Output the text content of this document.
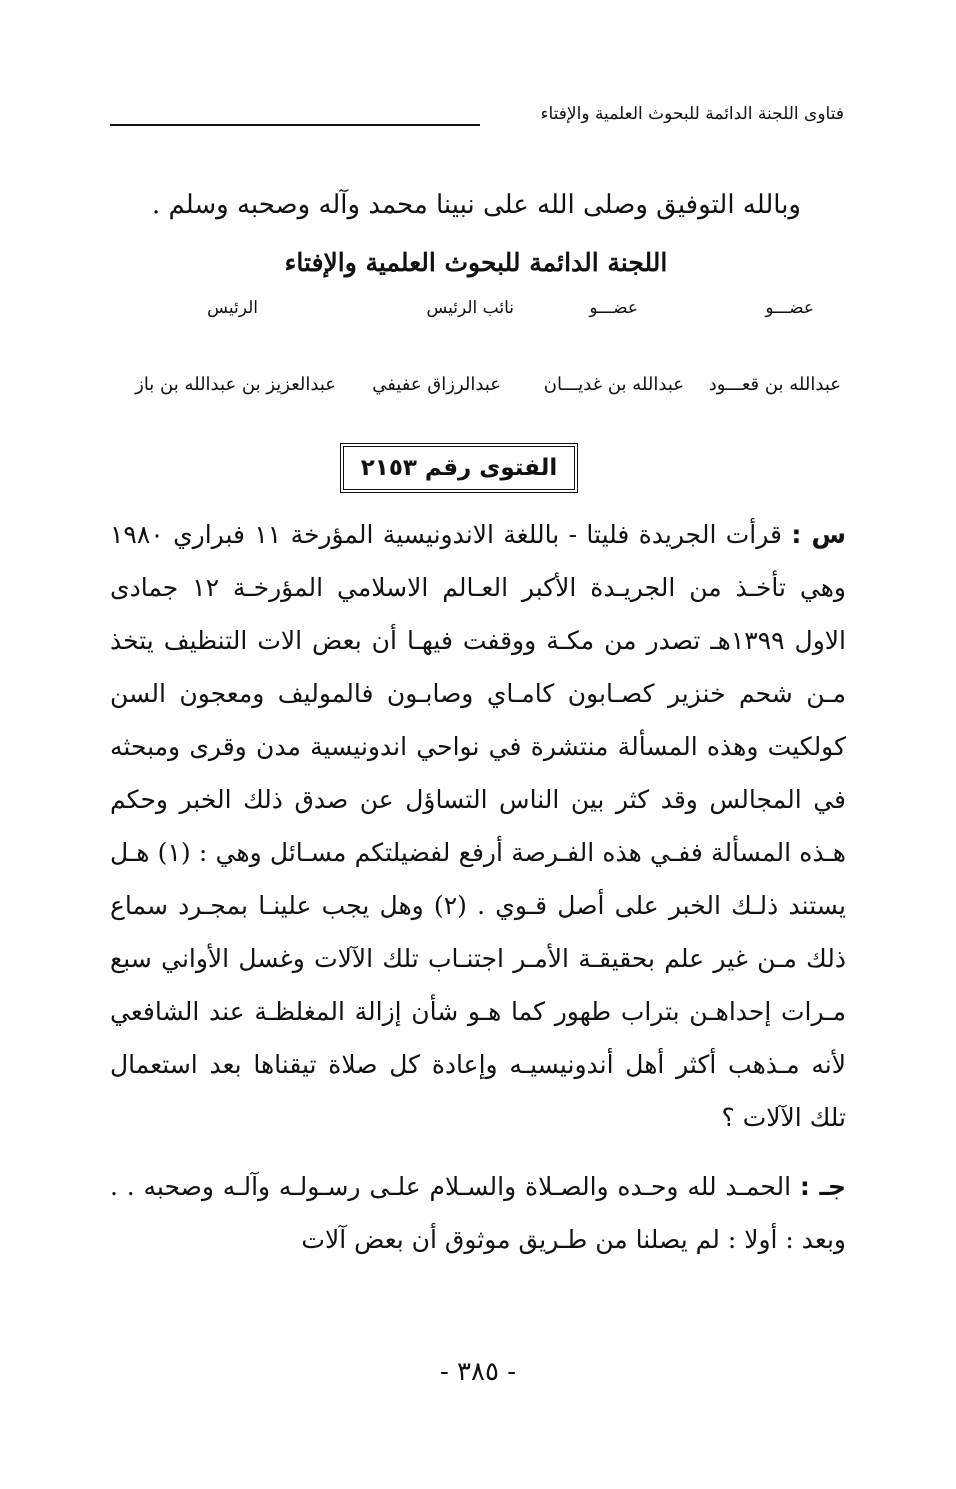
فتاوى اللجنة الدائمة للبحوث العلمية والإفتاء
وبالله التوفيق وصلى الله على نبينا محمد وآله وصحبه وسلم .
اللجنة الدائمة للبحوث العلمية والإفتاء
عضـــو
عضـــو
نائب الرئيس
الرئيس
عبدالله بن قعـــود
عبدالله بن غديـــان
عبدالرزاق عفيفي
عبدالعزيز بن عبدالله بن باز
الفتوى رقم ٢١٥٣
س : قرأت الجريدة فليتا - باللغة الاندونيسية المؤرخة ١١ فبراري ١٩٨٠ وهي تأخـذ من الجريـدة الأكبر العـالم الاسلامي المؤرخـة ١٢ جمادى الاول ١٣٩٩هـ تصدر من مكـة ووقفت فيهـا أن بعض الات التنظيف يتخذ مـن شحم خنزير كصـابون كامـاي وصابـون فالموليف ومعجون السن كولكيت وهذه المسألة منتشرة في نواحي اندونيسية مدن وقرى ومبحثه في المجالس وقد كثر بين الناس التساؤل عن صدق ذلك الخبر وحكم هـذه المسألة ففـي هذه الفـرصة أرفع لفضيلتكم مسـائل وهي : (١) هـل يستند ذلـك الخبر على أصل قـوي . (٢) وهل يجب علينـا بمجـرد سماع ذلك مـن غير علم بحقيقـة الأمـر اجتنـاب تلك الآلات وغسل الأواني سبع مـرات إحداهـن بتراب طهور كما هـو شأن إزالة المغلظـة عند الشافعي لأنه مـذهب أكثر أهل أندونيسيـه وإعادة كل صلاة تيقناها بعد استعمال تلك الآلات ؟
جـ : الحمـد لله وحـده والصـلاة والسـلام علـى رسـولـه وآلـه وصحبه . . وبعد : أولا : لم يصلنا من طـريق موثوق أن بعض آلات
- ٣٨٥ -
